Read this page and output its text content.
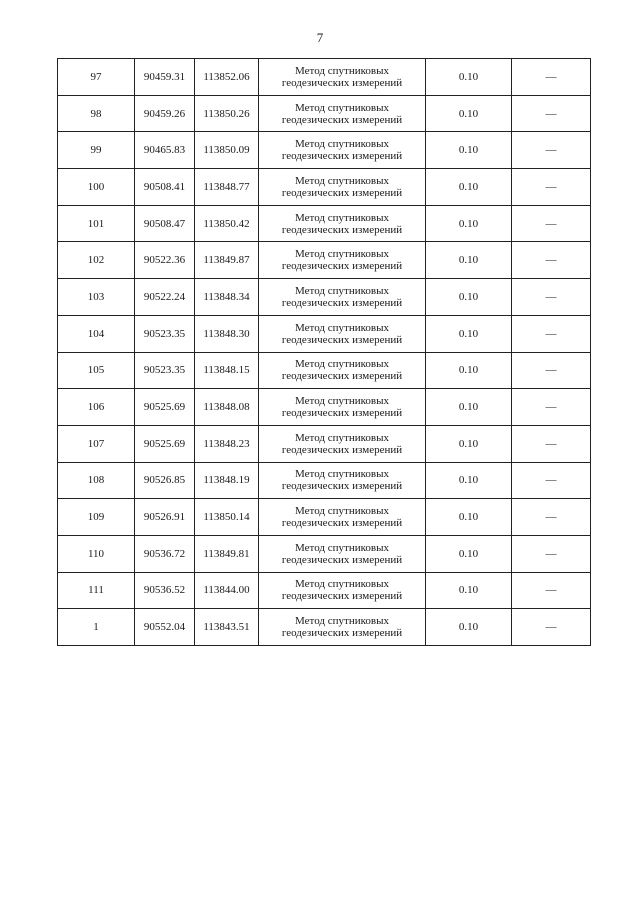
7
97	90459.31	113852.06	Метод спутниковых
геодезических измерений	0.10	—
98	90459.26	113850.26	Метод спутниковых
геодезических измерений	0.10	—
99	90465.83	113850.09	Метод спутниковых
геодезических измерений	0.10	—
100	90508.41	113848.77	Метод спутниковых
геодезических измерений	0.10	—
101	90508.47	113850.42	Метод спутниковых
геодезических измерений	0.10	—
102	90522.36	113849.87	Метод спутниковых
геодезических измерений	0.10	—
103	90522.24	113848.34	Метод спутниковых
геодезических измерений	0.10	—
104	90523.35	113848.30	Метод спутниковых
геодезических измерений	0.10	—
105	90523.35	113848.15	Метод спутниковых
геодезических измерений	0.10	—
106	90525.69	113848.08	Метод спутниковых
геодезических измерений	0.10	—
107	90525.69	113848.23	Метод спутниковых
геодезических измерений	0.10	—
108	90526.85	113848.19	Метод спутниковых
геодезических измерений	0.10	—
109	90526.91	113850.14	Метод спутниковых
геодезических измерений	0.10	—
110	90536.72	113849.81	Метод спутниковых
геодезических измерений	0.10	—
111	90536.52	113844.00	Метод спутниковых
геодезических измерений	0.10	—
1	90552.04	113843.51	Метод спутниковых
геодезических измерений	0.10	—
